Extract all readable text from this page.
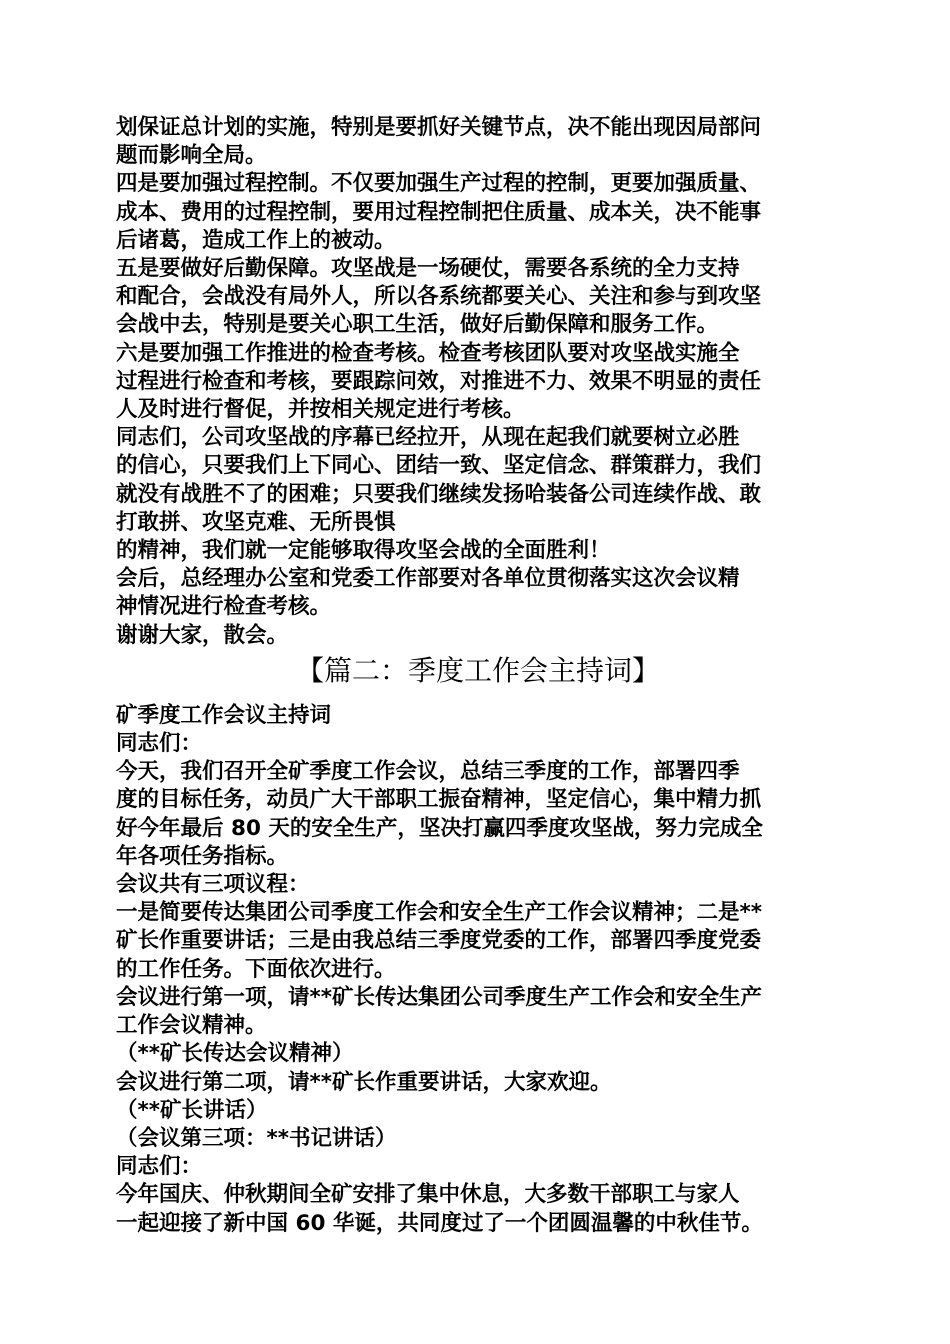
划保证总计划的实施，特别是要抓好关键节点，决不能出现因局部问

题而影响全局。

四是要加强过程控制。不仅要加强生产过程的控制，更要加强质量、

成本、费用的过程控制，要用过程控制把住质量、成本关，决不能事

后诸葛，造成工作上的被动。

五是要做好后勤保障。攻坚战是一场硬仗，需要各系统的全力支持

和配合，会战没有局外人，所以各系统都要关心、关注和参与到攻坚

会战中去，特别是要关心职工生活，做好后勤保障和服务工作。

六是要加强工作推进的检查考核。检查考核团队要对攻坚战实施全

过程进行检查和考核，要跟踪问效，对推进不力、效果不明显的责任

人及时进行督促，并按相关规定进行考核。

同志们，公司攻坚战的序幕已经拉开，从现在起我们就要树立必胜

的信心，只要我们上下同心、团结一致、坚定信念、群策群力，我们

就没有战胜不了的困难；只要我们继续发扬哈装备公司连续作战、敢

打敢拼、攻坚克难、无所畏惧

的精神，我们就一定能够取得攻坚会战的全面胜利！

会后，总经理办公室和党委工作部要对各单位贯彻落实这次会议精

神情况进行检查考核。

谢谢大家，散会。

【篇二：季度工作会主持词】

矿季度工作会议主持词

同志们：

今天，我们召开全矿季度工作会议，总结三季度的工作，部署四季

度的目标任务，动员广大干部职工振奋精神，坚定信心，集中精力抓

好今年最后 80 天的安全生产，坚决打赢四季度攻坚战，努力完成全

年各项任务指标。

会议共有三项议程：

一是简要传达集团公司季度工作会和安全生产工作会议精神；二是**

矿长作重要讲话；三是由我总结三季度党委的工作，部署四季度党委

的工作任务。下面依次进行。

会议进行第一项，请**矿长传达集团公司季度生产工作会和安全生产

工作会议精神。

（**矿长传达会议精神）

会议进行第二项，请**矿长作重要讲话，大家欢迎。

（**矿长讲话）

（会议第三项：**书记讲话）

同志们：

今年国庆、仲秋期间全矿安排了集中休息，大多数干部职工与家人

一起迎接了新中国 60 华诞，共同度过了一个团圆温馨的中秋佳节。
